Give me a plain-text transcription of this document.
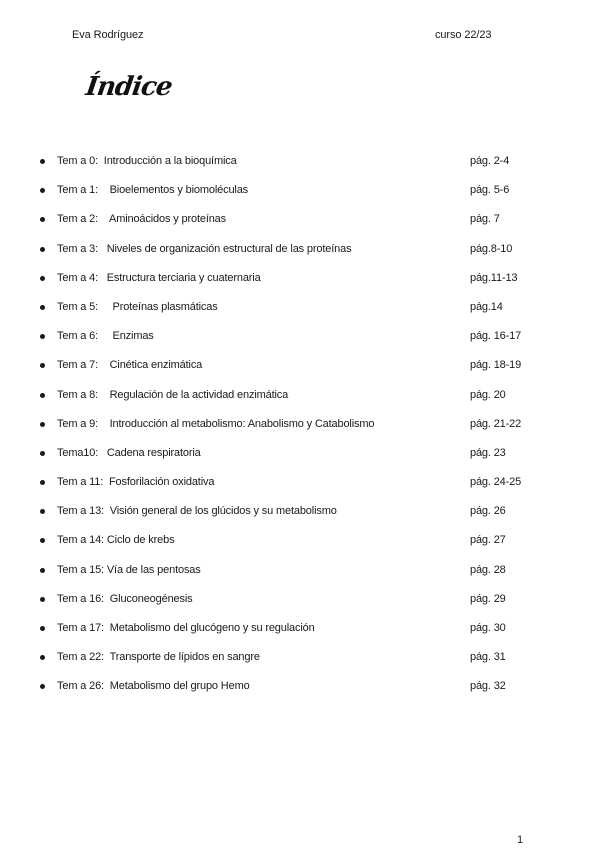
Eva Rodríguez	curso 22/23
Índice
Tem a 0:  Introducción a la bioquímica	pág. 2-4
Tem a 1:    Bioelementos y biomoléculas	pág. 5-6
Tem a 2:    Aminoácidos y proteínas	pág. 7
Tem a 3:   Niveles de organización estructural de las proteínas	pág.8-10
Tem a 4:   Estructura terciaria y cuaternaria	pág.11-13
Tem a 5:     Proteínas plasmáticas	pág.14
Tem a 6:     Enzimas	pág. 16-17
Tem a 7:    Cinética enzimática	pág. 18-19
Tem a 8:    Regulación de la actividad enzimática	pág. 20
Tem a 9:    Introducción al metabolismo: Anabolismo y Catabolismo	pág. 21-22
Tema10:   Cadena respiratoria	pág. 23
Tem a 11:  Fosforilación oxidativa	pág. 24-25
Tem a 13:  Visión general de los glúcidos y su metabolismo	pág. 26
Tem a 14: Ciclo de krebs	pág. 27
Tem a 15: Vía de las pentosas	pág. 28
Tem a 16:  Gluconeogénesis	pág. 29
Tem a 17:  Metabolismo del glucógeno y su regulación	pág. 30
Tem a 22:  Transporte de lípidos en sangre	pág. 31
Tem a 26:  Metabolismo del grupo Hemo	pág. 32
1
